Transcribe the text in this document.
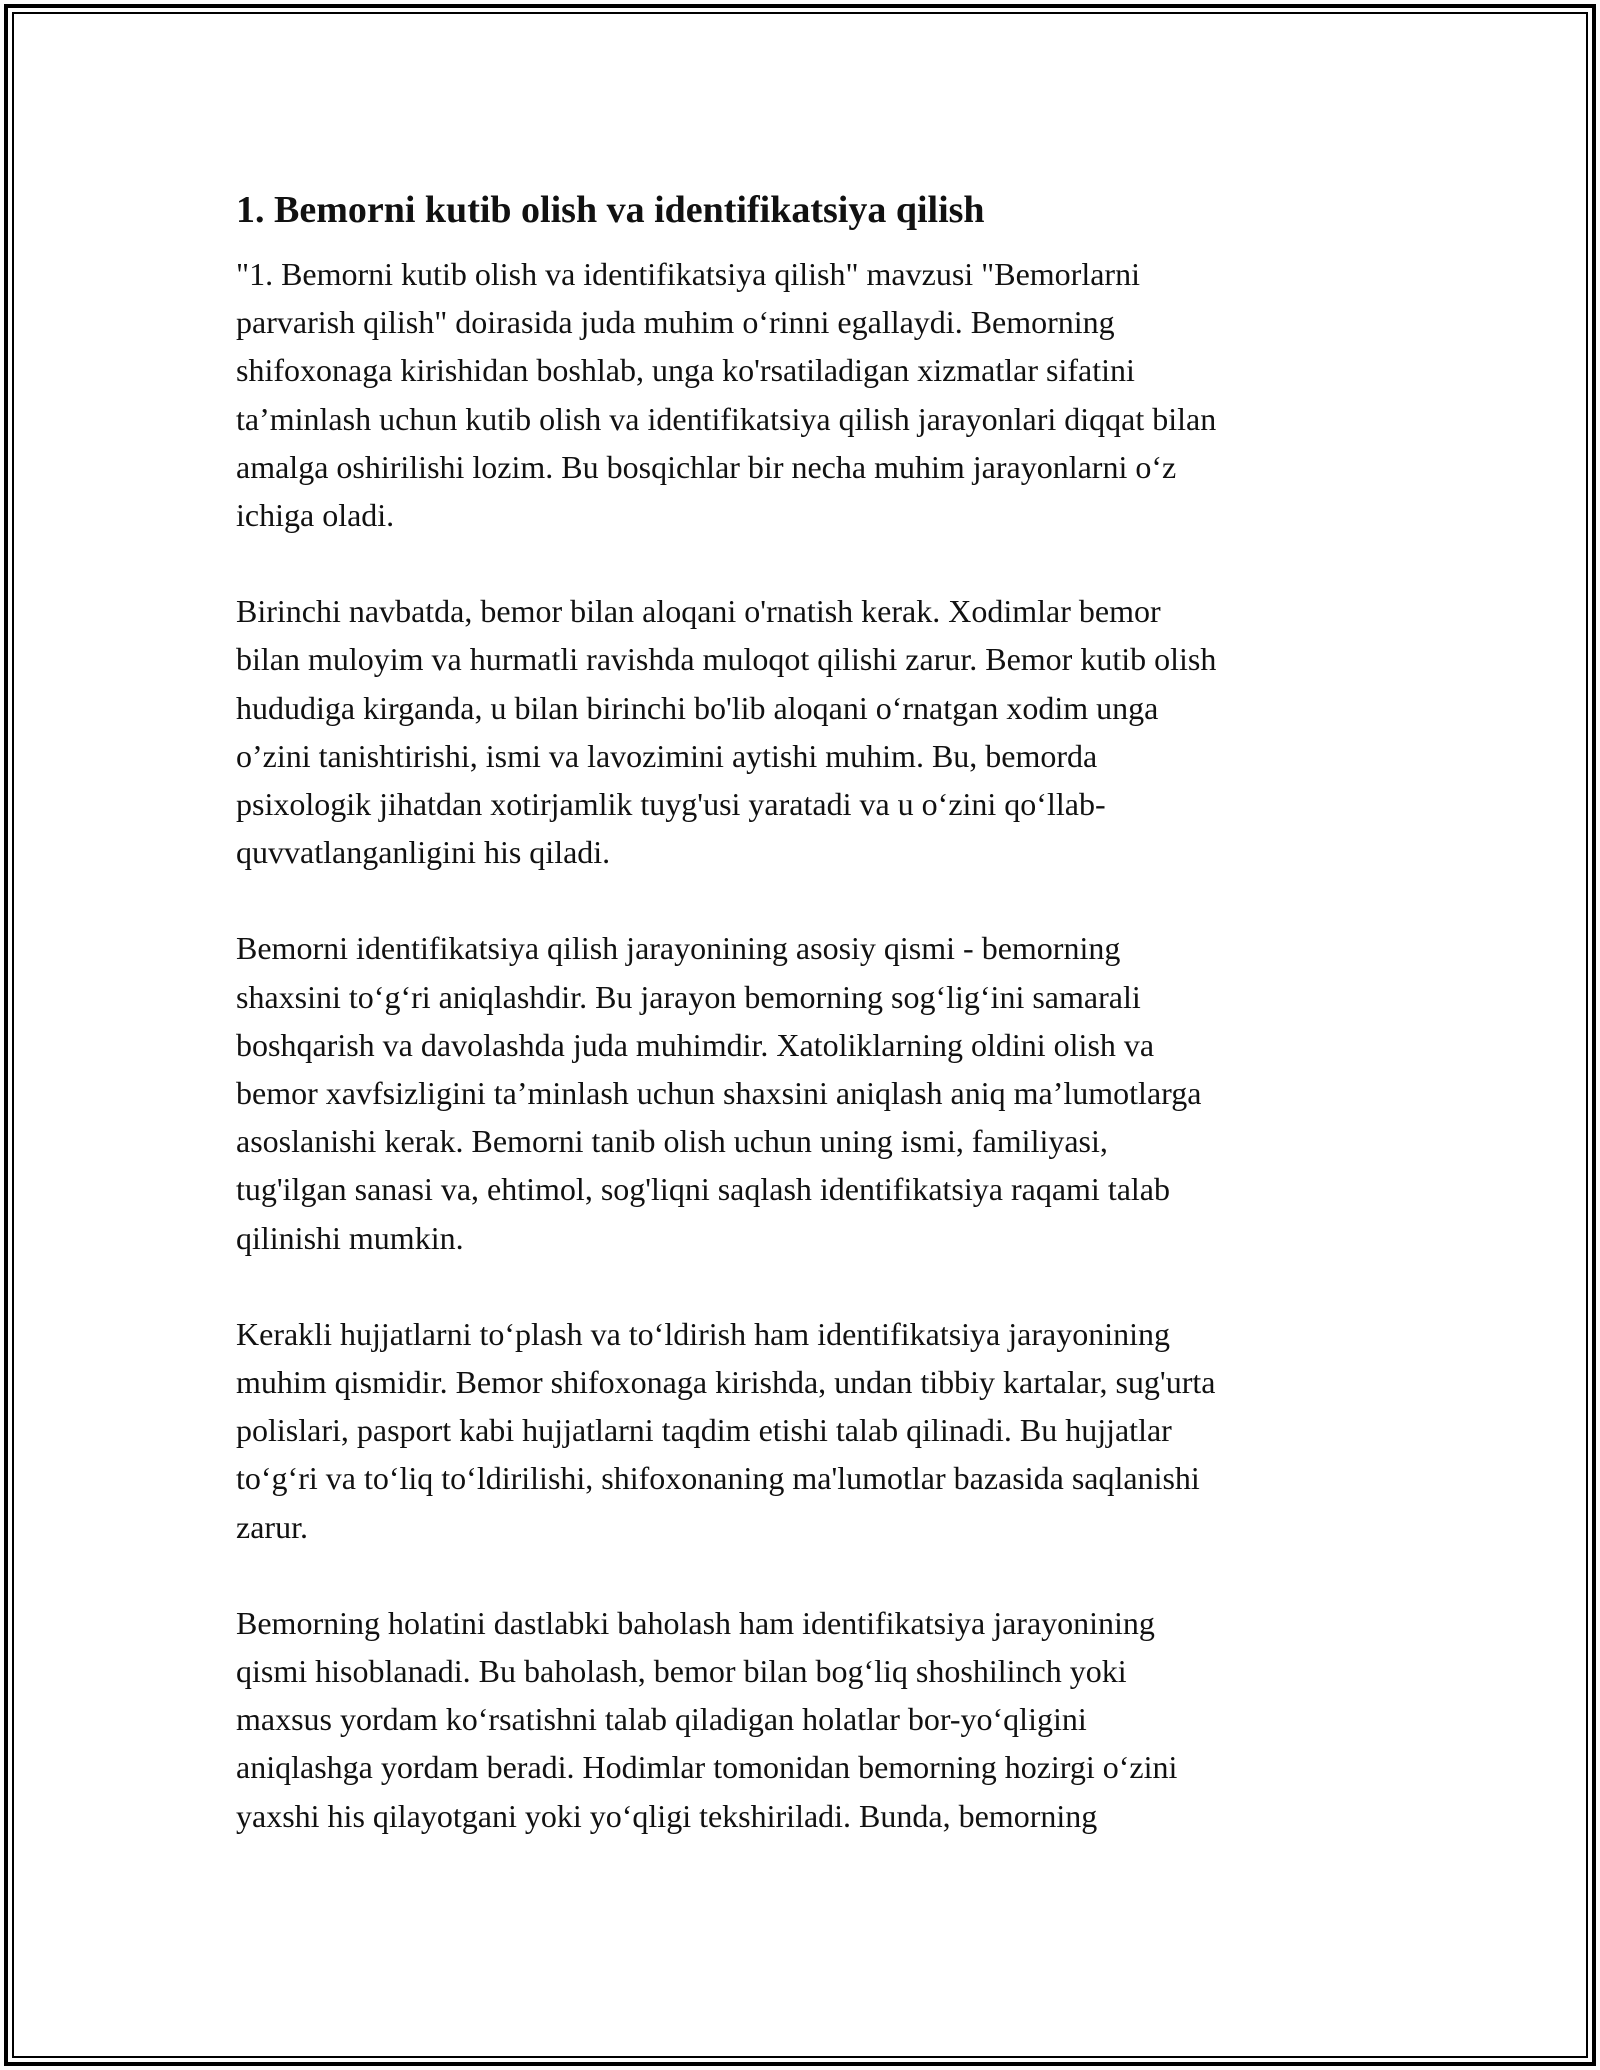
1. Bemorni kutib olish va identifikatsiya qilish

"1. Bemorni kutib olish va identifikatsiya qilish" mavzusi "Bemorlarni
parvarish qilish" doirasida juda muhim o‘rinni egallaydi. Bemorning
shifoxonaga kirishidan boshlab, unga ko'rsatiladigan xizmatlar sifatini
ta’minlash uchun kutib olish va identifikatsiya qilish jarayonlari diqqat bilan
amalga oshirilishi lozim. Bu bosqichlar bir necha muhim jarayonlarni o‘z
ichiga oladi.

Birinchi navbatda, bemor bilan aloqani o'rnatish kerak. Xodimlar bemor
bilan muloyim va hurmatli ravishda muloqot qilishi zarur. Bemor kutib olish
hududiga kirganda, u bilan birinchi bo'lib aloqani o‘rnatgan xodim unga
o’zini tanishtirishi, ismi va lavozimini aytishi muhim. Bu, bemorda
psixologik jihatdan xotirjamlik tuyg'usi yaratadi va u o‘zini qo‘llab-
quvvatlanganligini his qiladi.

Bemorni identifikatsiya qilish jarayonining asosiy qismi - bemorning
shaxsini to‘g‘ri aniqlashdir. Bu jarayon bemorning sog‘lig‘ini samarali
boshqarish va davolashda juda muhimdir. Xatoliklarning oldini olish va
bemor xavfsizligini ta’minlash uchun shaxsini aniqlash aniq ma’lumotlarga
asoslanishi kerak. Bemorni tanib olish uchun uning ismi, familiyasi,
tug'ilgan sanasi va, ehtimol, sog'liqni saqlash identifikatsiya raqami talab
qilinishi mumkin.

Kerakli hujjatlarni to‘plash va to‘ldirish ham identifikatsiya jarayonining
muhim qismidir. Bemor shifoxonaga kirishda, undan tibbiy kartalar, sug'urta
polislari, pasport kabi hujjatlarni taqdim etishi talab qilinadi. Bu hujjatlar
to‘g‘ri va to‘liq to‘ldirilishi, shifoxonaning ma'lumotlar bazasida saqlanishi
zarur.

Bemorning holatini dastlabki baholash ham identifikatsiya jarayonining
qismi hisoblanadi. Bu baholash, bemor bilan bog‘liq shoshilinch yoki
maxsus yordam ko‘rsatishni talab qiladigan holatlar bor-yo‘qligini
aniqlashga yordam beradi. Hodimlar tomonidan bemorning hozirgi o‘zini
yaxshi his qilayotgani yoki yo‘qligi tekshiriladi. Bunda, bemorning
